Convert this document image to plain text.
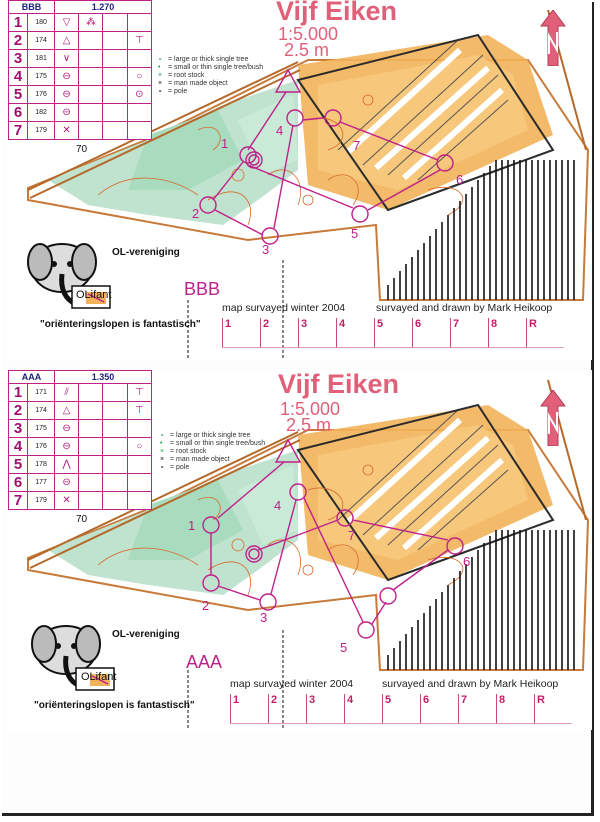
1
2
3
4
5
6
7
70
BBB		1.270			
1	180	▽	⁂		
2	174	△			⊤
3	181	∨			
4	175	⊖			○
5	176	⊖			⊙
6	182	⊖			
7	179	✕			
Vijf Eiken
1:5.000
2.5 m
∘ = large or thick single tree
• = small or thin single tree/bush
× = root stock
× = man made object
∘ = pole
OLifant
OL-vereniging
BBB
"oriënteringslopen is fantastisch"
map survayed winter 2004	survayed and drawn by Mark Heikoop
1	2	3	4	5	6	7	8	R
1
2
3
4
5
6
7
70
AAA		1.350			
1	171	⫽			⊤
2	174	△			⊤
3	175	⊖			
4	176	⊖			○
5	178	⋀			
6	177	⊖			
7	179	✕			
Vijf Eiken
1:5.000
2.5 m
∘ = large or thick single tree
• = small or thin single tree/bush
× = root stock
× = man made object
∘ = pole
OLifant
OL-vereniging
AAA
"oriënteringslopen is fantastisch"
map survayed winter 2004	survayed and drawn by Mark Heikoop
1	2	3	4	5	6	7	8	R
